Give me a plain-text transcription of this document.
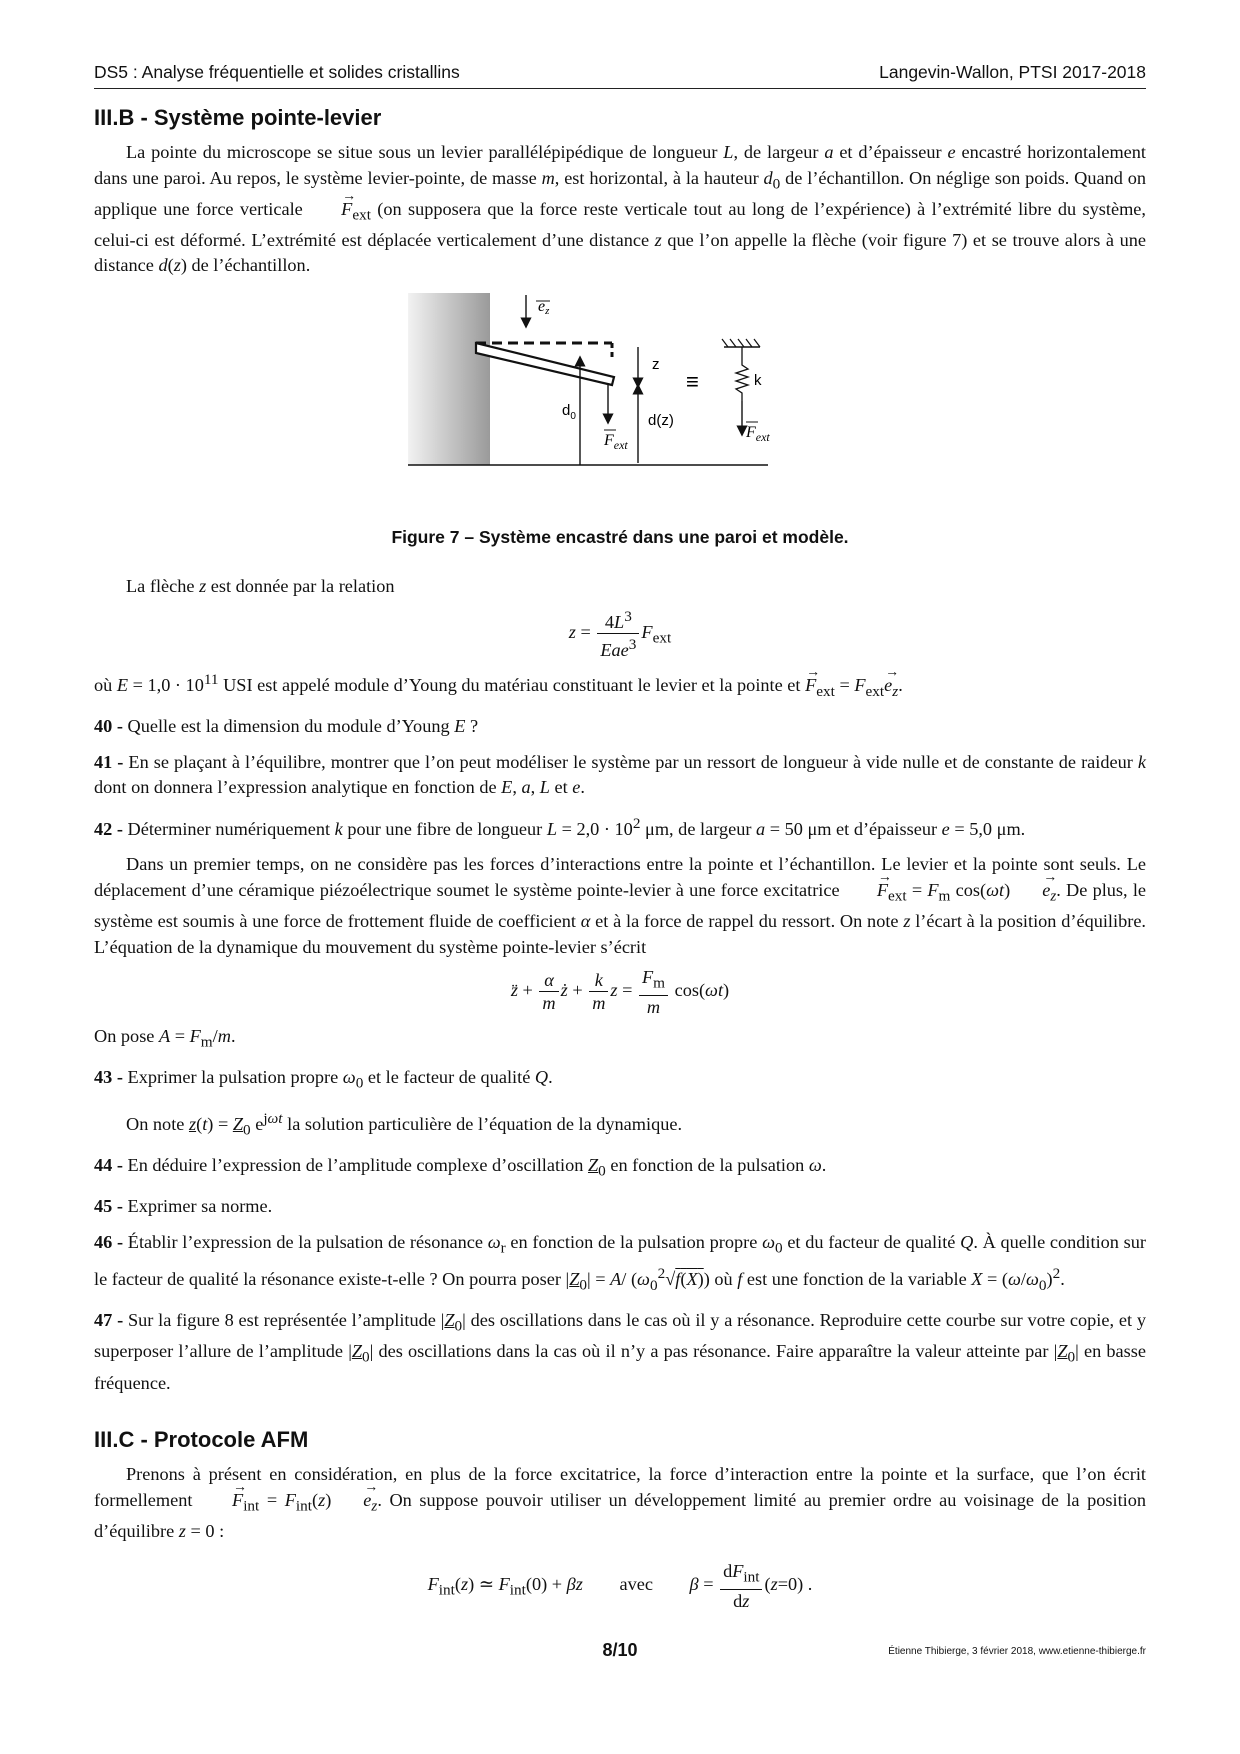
DS5 : Analyse fréquentielle et solides cristallins	Langevin-Wallon, PTSI 2017-2018
III.B - Système pointe-levier

La pointe du microscope se situe sous un levier parallélépipédique de longueur L, de largeur a et d’épaisseur e encastré horizontalement dans une paroi. Au repos, le système levier-pointe, de masse m, est horizontal, à la hauteur $d_0$ de l’échantillon. On néglige son poids. Quand on applique une force verticale → $F_{ext}$ (on supposera que la force reste verticale tout au long de l’expérience) à l’extrémité libre du système, celui-ci est déformé. L’extrémité est déplacée verticalement d’une distance z que l’on appelle la flèche (voir figure 7) et se trouve alors à une distance d(z) de l’échantillon.

ez
$d_0$
$F_{ext}$
z
d(z)
≡	k
$F_{ext}$
Figure 7 – Système encastré dans une paroi et modèle.

La flèche z est donnée par la relation

$z = \frac{4L^3}{Eae^3} F_{ext}$

où $E = 1,0 \cdot 10^{11}$ USI est appelé module d’Young du matériau constituant le levier et la pointe et → $F_{ext} = F_{ext}\to e_z$.

40 - Quelle est la dimension du module d’Young E ?

41 - En se plaçant à l’équilibre, montrer que l’on peut modéliser le système par un ressort de longueur à vide nulle et de constante de raideur k dont on donnera l’expression analytique en fonction de E, a, L et e.

42 - Déterminer numériquement k pour une fibre de longueur $L = 2,0 \cdot 10^2$ μm, de largeur a = 50 μm et d’épaisseur e = 5,0 μm.

Dans un premier temps, on ne considère pas les forces d’interactions entre la pointe et l’échantillon. Le levier et la pointe sont seuls. Le déplacement d’une céramique piézoélectrique soumet le système pointe-levier à une force excitatrice → $F_{ext} = F_m$ $\cos(\omega t) \to e_z$. De plus, le système est soumis à une force de frottement fluide de coefficient α et à la force de rappel du ressort. On note z l’écart à la position d’équilibre. L’équation de la dynamique du mouvement du système pointe-levier s’écrit

z̈ + $\frac{\alpha}{m}$ ż + $\frac{k}{m}$ $z = \frac{F_m}{m} \cos(\omega t)$

On pose $A = F_m/m$.

43 - Exprimer la pulsation propre $\omega_0$ et le facteur de qualité Q.

On note $z(t) = Z_0$ $e^{j\omega t}$ la solution particulière de l’équation de la dynamique.

44 - En déduire l’expression de l’amplitude complexe d’oscillation $Z_0$ en fonction de la pulsation ω.

45 - Exprimer sa norme.

46 - Établir l’expression de la pulsation de résonance $\omega_r$ en fonction de la pulsation propre $\omega_0$ et du facteur de qualité Q. À quelle condition sur le facteur de qualité la résonance existe-t-elle ? On pourra poser $|Z_0| = A/$ $(\omega_0^2√f(X))$ où f est une fonction de la variable $X = (\omega/\omega_0)^2$.

47 - Sur la figure 8 est représentée l’amplitude $|Z_0|$ des oscillations dans le cas où il y a résonance. Reproduire cette courbe sur votre copie, et y superposer l’allure de l’amplitude $|Z_0|$ des oscillations dans la cas où il n’y a pas résonance. Faire apparaître la valeur atteinte par $|Z_0|$ en basse fréquence.

III.C - Protocole AFM

Prenons à présent en considération, en plus de la force excitatrice, la force d’interaction entre la pointe et la surface, que l’on écrit formellement → $F_{int} = F_{int}(z) \to e_z$. On suppose pouvoir utiliser un développement limité au premier ordre au voisinage de la position d’équilibre z = 0 :

$F_{int}(z)$ ≃ $F_{int}(0) + \beta z$        avec        $\beta = \frac{dF_{int}}{dz} (z=0)$ .
8/10	Étienne Thibierge, 3 février 2018, www.etienne-thibierge.fr
